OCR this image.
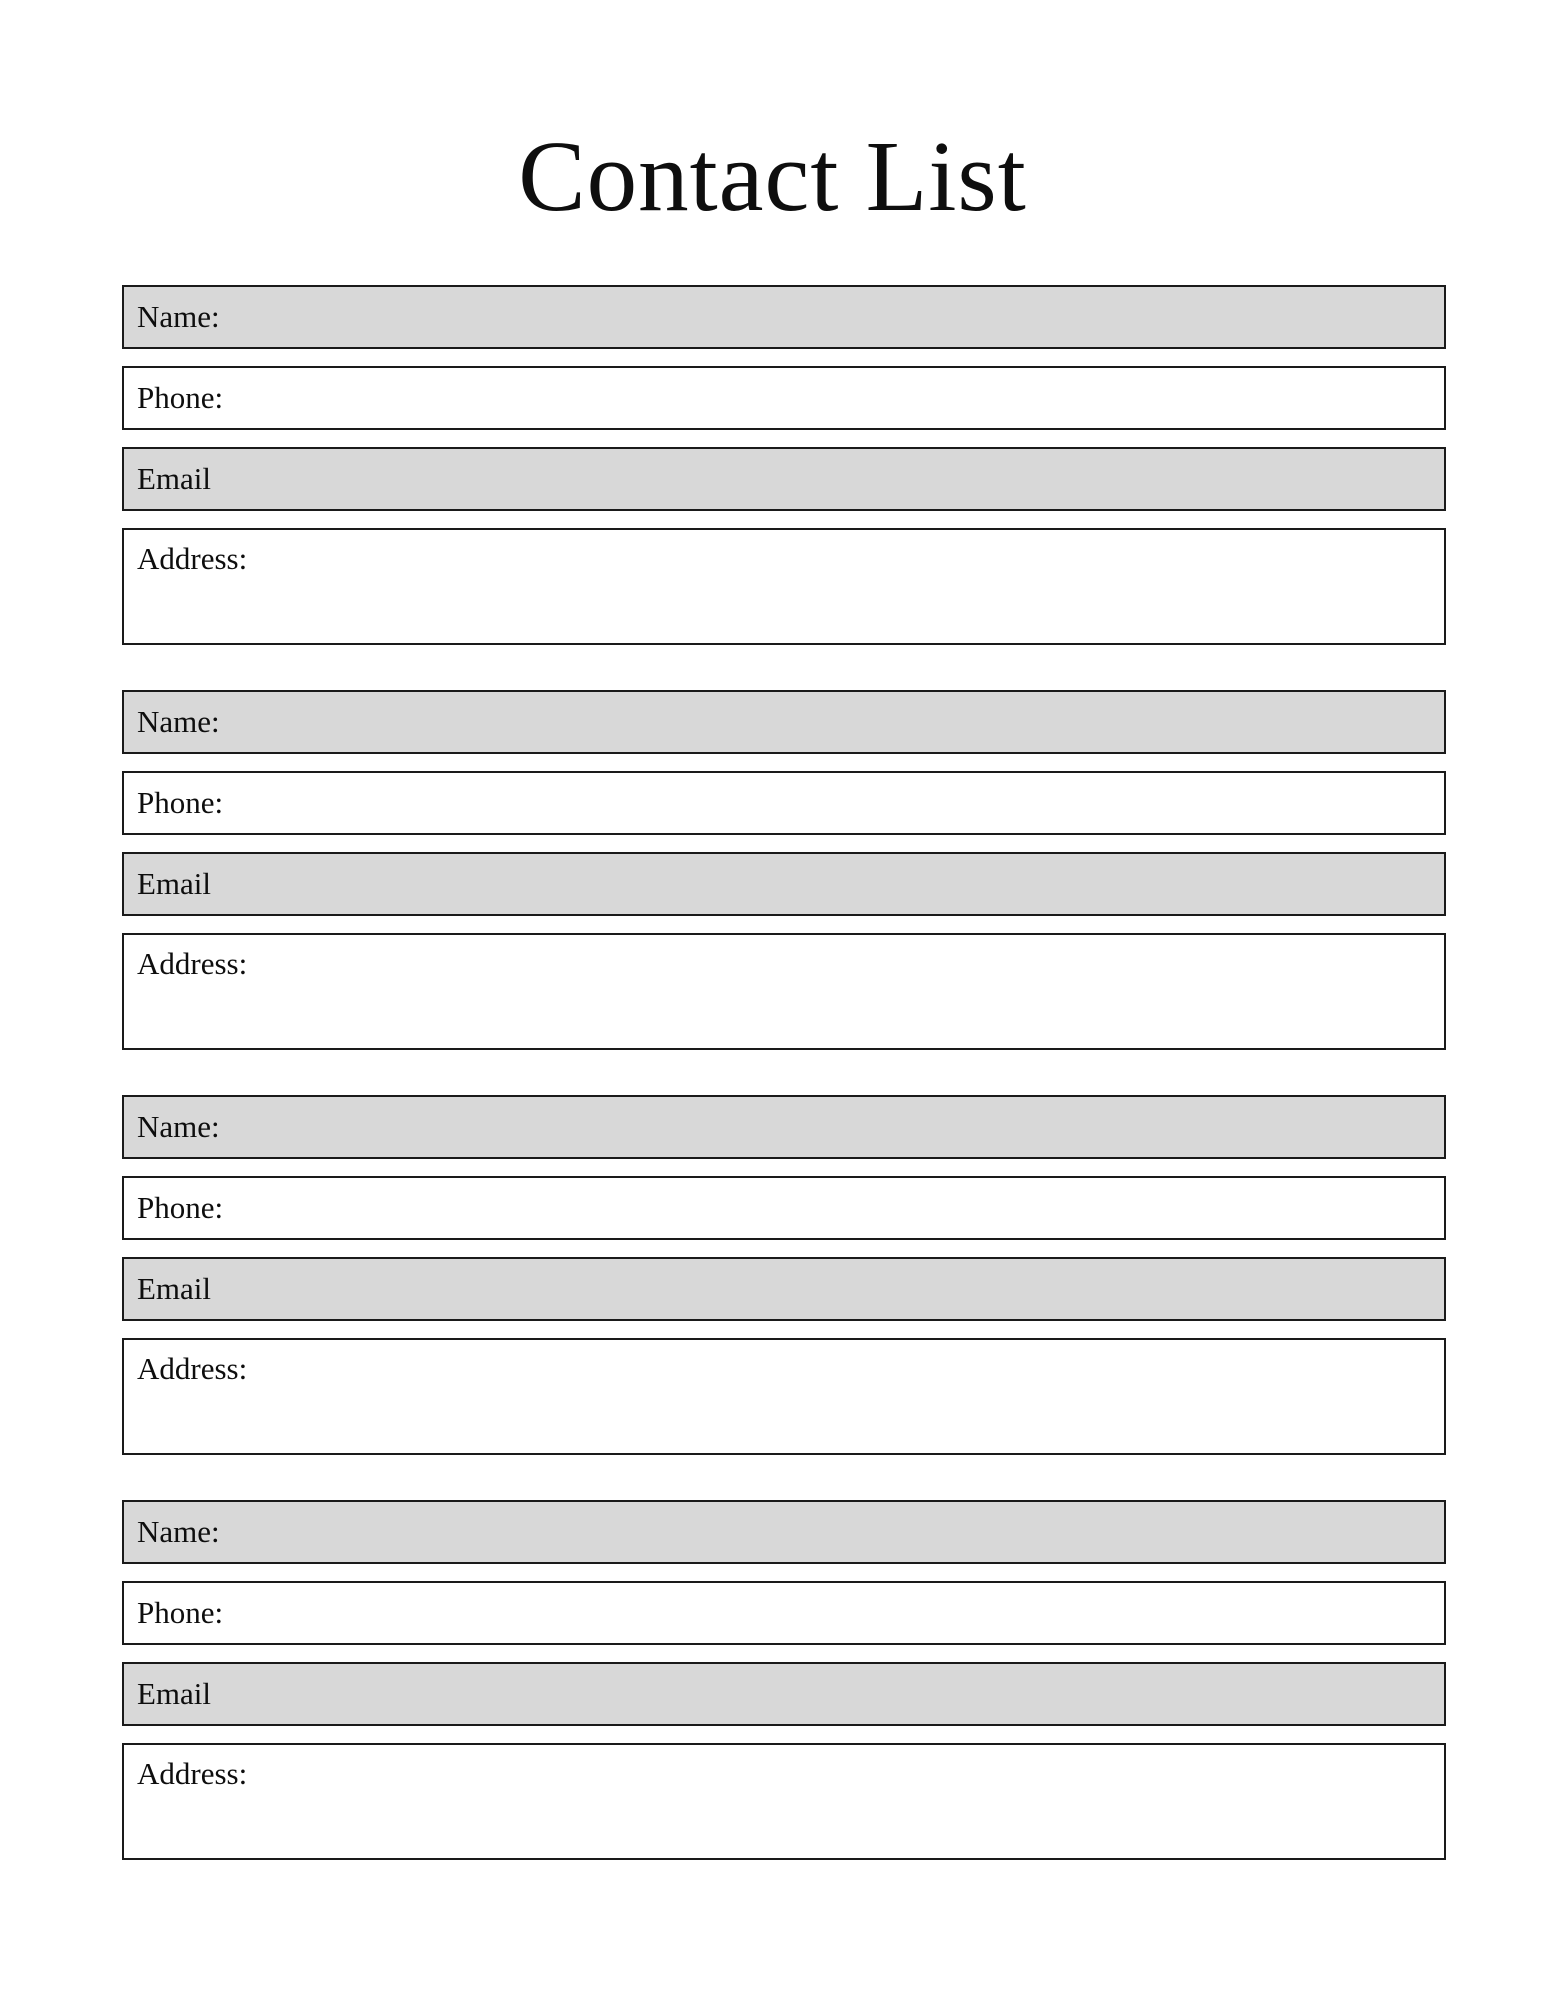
Contact List
Name:
Phone:
Email
Address:
Name:
Phone:
Email
Address:
Name:
Phone:
Email
Address:
Name:
Phone:
Email
Address:
